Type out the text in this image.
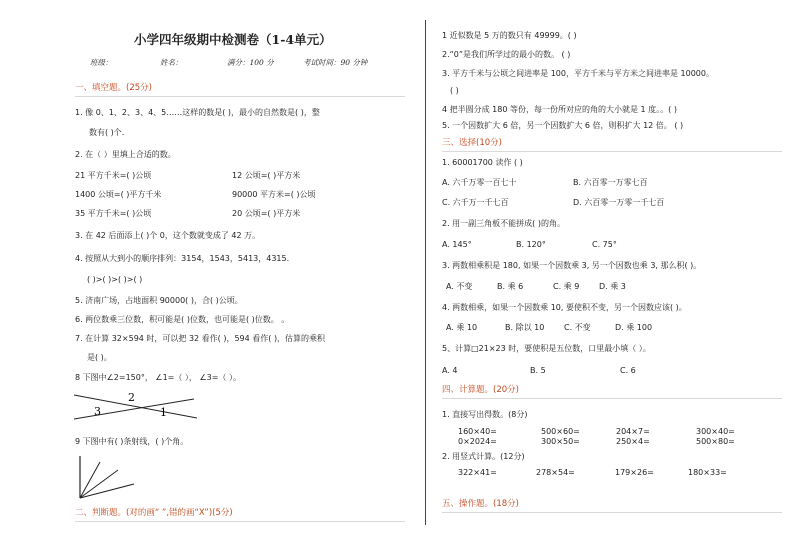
小学四年级期中检测卷（1-4单元）
班级：	姓名：	满分：100 分	考试时间：90 分钟
一、填空题。(25分)
1. 像 0、1、2、3、4、5……这样的数是( )，最小的自然数是( )，整
数有( )个.
2. 在（ ）里填上合适的数。
21 平方千米=( )公顷	12 公顷=( )平方米
1400 公顷=( )平方千米	90000 平方米=( )公顷
35 平方千米=( )公顷	20 公顷=( )平方米
3. 在 42 后面添上( )个 0，这个数就变成了 42 万。
4. 按照从大到小的顺序排列：3154，1543，5413，4315.
( )>( )>( )>( )
5. 济南广场，占地面积 90000( )，合( )公顷。
6. 两位数乘三位数，积可能是( )位数，也可能是( )位数。 。
7. 在计算 32×594 时，可以把 32 看作( )，594 看作( )，估算的乘积
是( )。
8 下图中∠2=150°， ∠1=（ ）， ∠3=（ ）。
3
2
1
9 下图中有( )条射线，( )个角。
二、判断题。(对的画“ ”,错的画“X”)(5分)
1 近似数是 5 万的数只有 49999。( )
2.“0”是我们所学过的最小的数。 ( )
3. 平方千米与公顷之间进率是 100，平方千米与平方米之间进率是 10000。
( )
4 把半圆分成 180 等份，每一份所对应的角的大小就是 1 度。。( )
5. 一个因数扩大 6 倍，另一个因数扩大 6 倍，则积扩大 12 倍。 ( )
三、选择(10分)
1. 60001700 读作 ( )
A. 六千万零一百七十	B. 六百零一万零七百
C. 六千万一千七百	D. 六百零一万零一千七百
2. 用一副三角板不能拼成( )的角。
A. 145°	B. 120°	C. 75°
3. 两数相乘积是 180, 如果一个因数乘 3, 另一个因数也乘 3, 那么积( )。
A. 不变	B. 乘 6	C. 乘 9 D. 乘 3
4. 两数相乘，如果一个因数乘 10, 要使积不变，另一个因数应该( )。
A. 乘 10	B. 除以 10 C. 不变	D. 乘 100
5、计算□21×23 时，要使积是五位数，口里最小填（ ）。
A. 4	B. 5	C. 6
四、计算题。(20分)
1. 直接写出得数。(8分)
160×40=	500×60=	204×7=	300×40=
0×2024=	300×50=	250×4=	500×80=
2. 用竖式计算。(12分)
322×41=	278×54=	179×26=	180×33=
五、操作题。(18分)
